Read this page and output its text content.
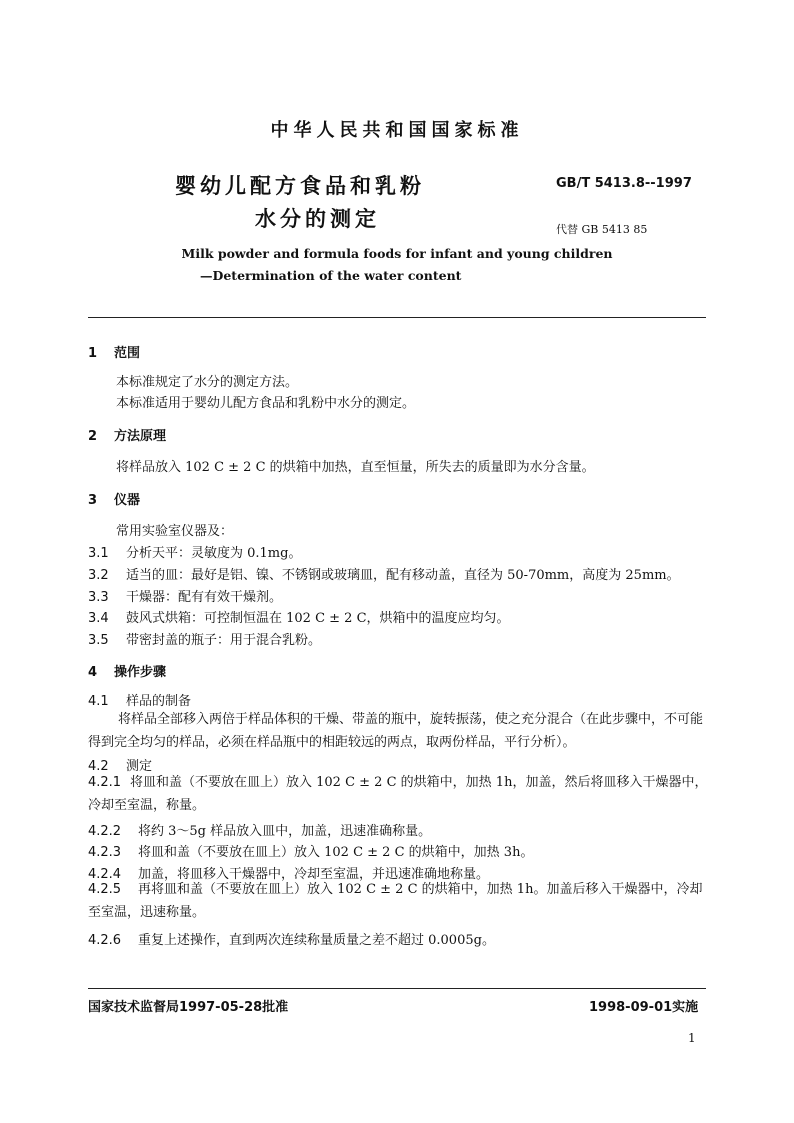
中华人民共和国国家标准
婴幼儿配方食品和乳粉
水分的测定
GB/T 5413.8--1997
代替 GB 5413 85
Milk powder and formula foods for infant and young children
—Determination of the water content
1 范围
本标准规定了水分的测定方法。
本标准适用于婴幼儿配方食品和乳粉中水分的测定。
2 方法原理
将样品放入 102 C ± 2 C 的烘箱中加热，直至恒量，所失去的质量即为水分含量。
3 仪器
常用实验室仪器及：
3.1 分析天平：灵敏度为 0.1mg。
3.2 适当的皿：最好是铝、镍、不锈钢或玻璃皿，配有移动盖，直径为 50-70mm，高度为 25mm。
3.3 干燥器：配有有效干燥剂。
3.4 鼓风式烘箱：可控制恒温在 102 C ± 2 C，烘箱中的温度应均匀。
3.5 带密封盖的瓶子：用于混合乳粉。
4 操作步骤
4.1 样品的制备
将样品全部移入两倍于样品体积的干燥、带盖的瓶中，旋转振荡，使之充分混合（在此步骤中，不可能得到完全均匀的样品，必须在样品瓶中的相距较远的两点，取两份样品，平行分析）。
4.2 测定
4.2.1 将皿和盖（不要放在皿上）放入 102 C ± 2 C 的烘箱中，加热 1h，加盖，然后将皿移入干燥器中，冷却至室温，称量。
4.2.2 将约 3～5g 样品放入皿中，加盖，迅速准确称量。
4.2.3 将皿和盖（不要放在皿上）放入 102 C ± 2 C 的烘箱中，加热 3h。
4.2.4 加盖，将皿移入干燥器中，冷却至室温，并迅速准确地称量。
4.2.5 再将皿和盖（不要放在皿上）放入 102 C ± 2 C 的烘箱中，加热 1h。加盖后移入干燥器中，冷却至室温，迅速称量。
4.2.6 重复上述操作，直到两次连续称量质量之差不超过 0.0005g。
国家技术监督局1997-05-28批准	1998-09-01实施
1
